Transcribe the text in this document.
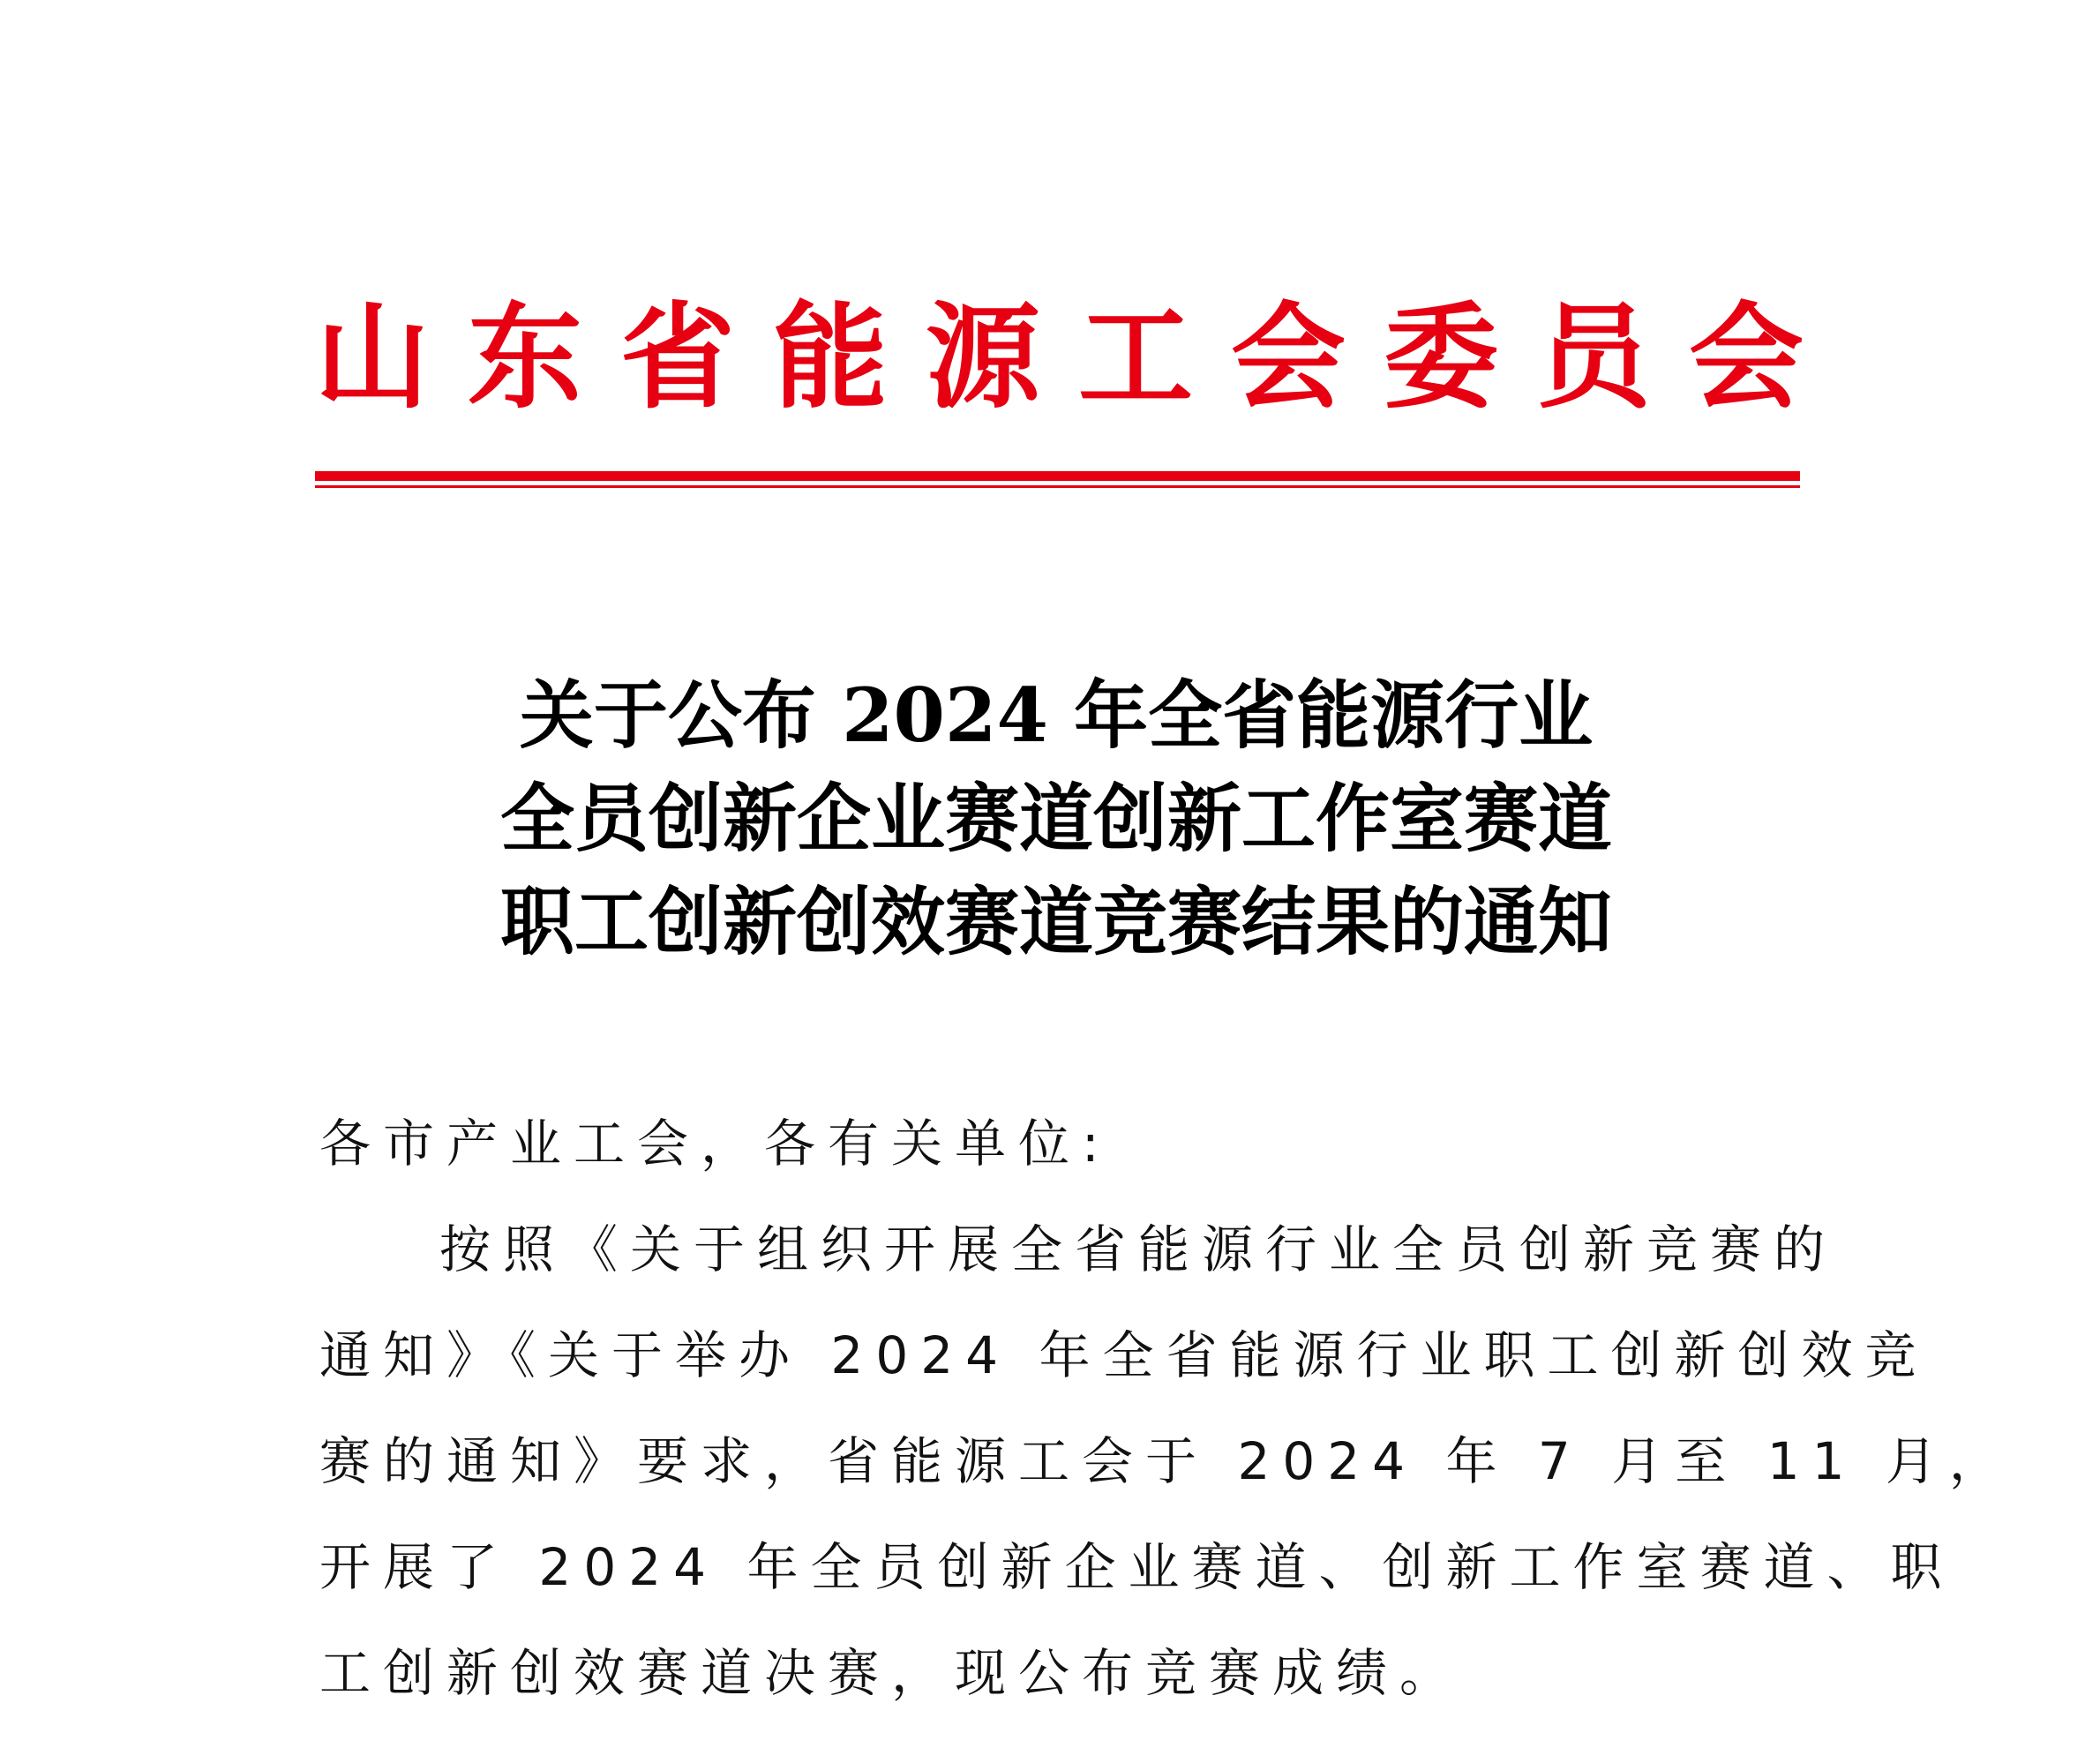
山东省能源工会委员会
关于公布 2024 年全省能源行业
全员创新企业赛道创新工作室赛道
职工创新创效赛道竞赛结果的通知

各市产业工会，各有关单位:

按照《关于组织开展全省能源行业全员创新竞赛的
通知》《关于举办 2024 年全省能源行业职工创新创效竞
赛的通知》要求，省能源工会于 2024 年 7 月至 11 月，
开展了 2024 年全员创新企业赛道、创新工作室赛道、职
工创新创效赛道决赛，现公布竞赛成绩。
